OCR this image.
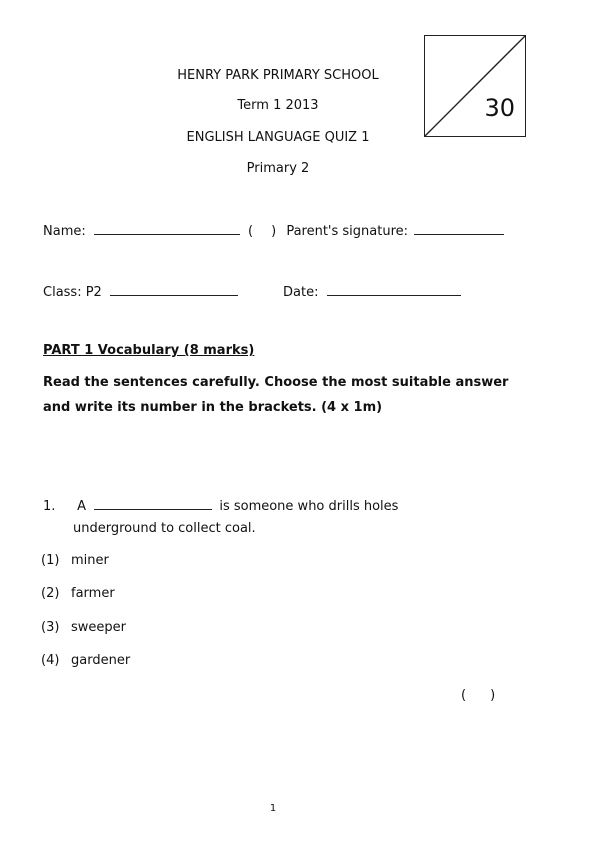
HENRY PARK PRIMARY SCHOOL
Term 1 2013
ENGLISH LANGUAGE QUIZ 1
Primary 2
30
Name:	( ) Parent's signature:
Class: P2	Date:
PART 1 Vocabulary (8 marks)
Read the sentences carefully. Choose the most suitable answer
and write its number in the brackets. (4 x 1m)
1. A	is someone who drills holes
underground to collect coal.
(1) miner
(2) farmer
(3) sweeper
(4) gardener
( )
1
